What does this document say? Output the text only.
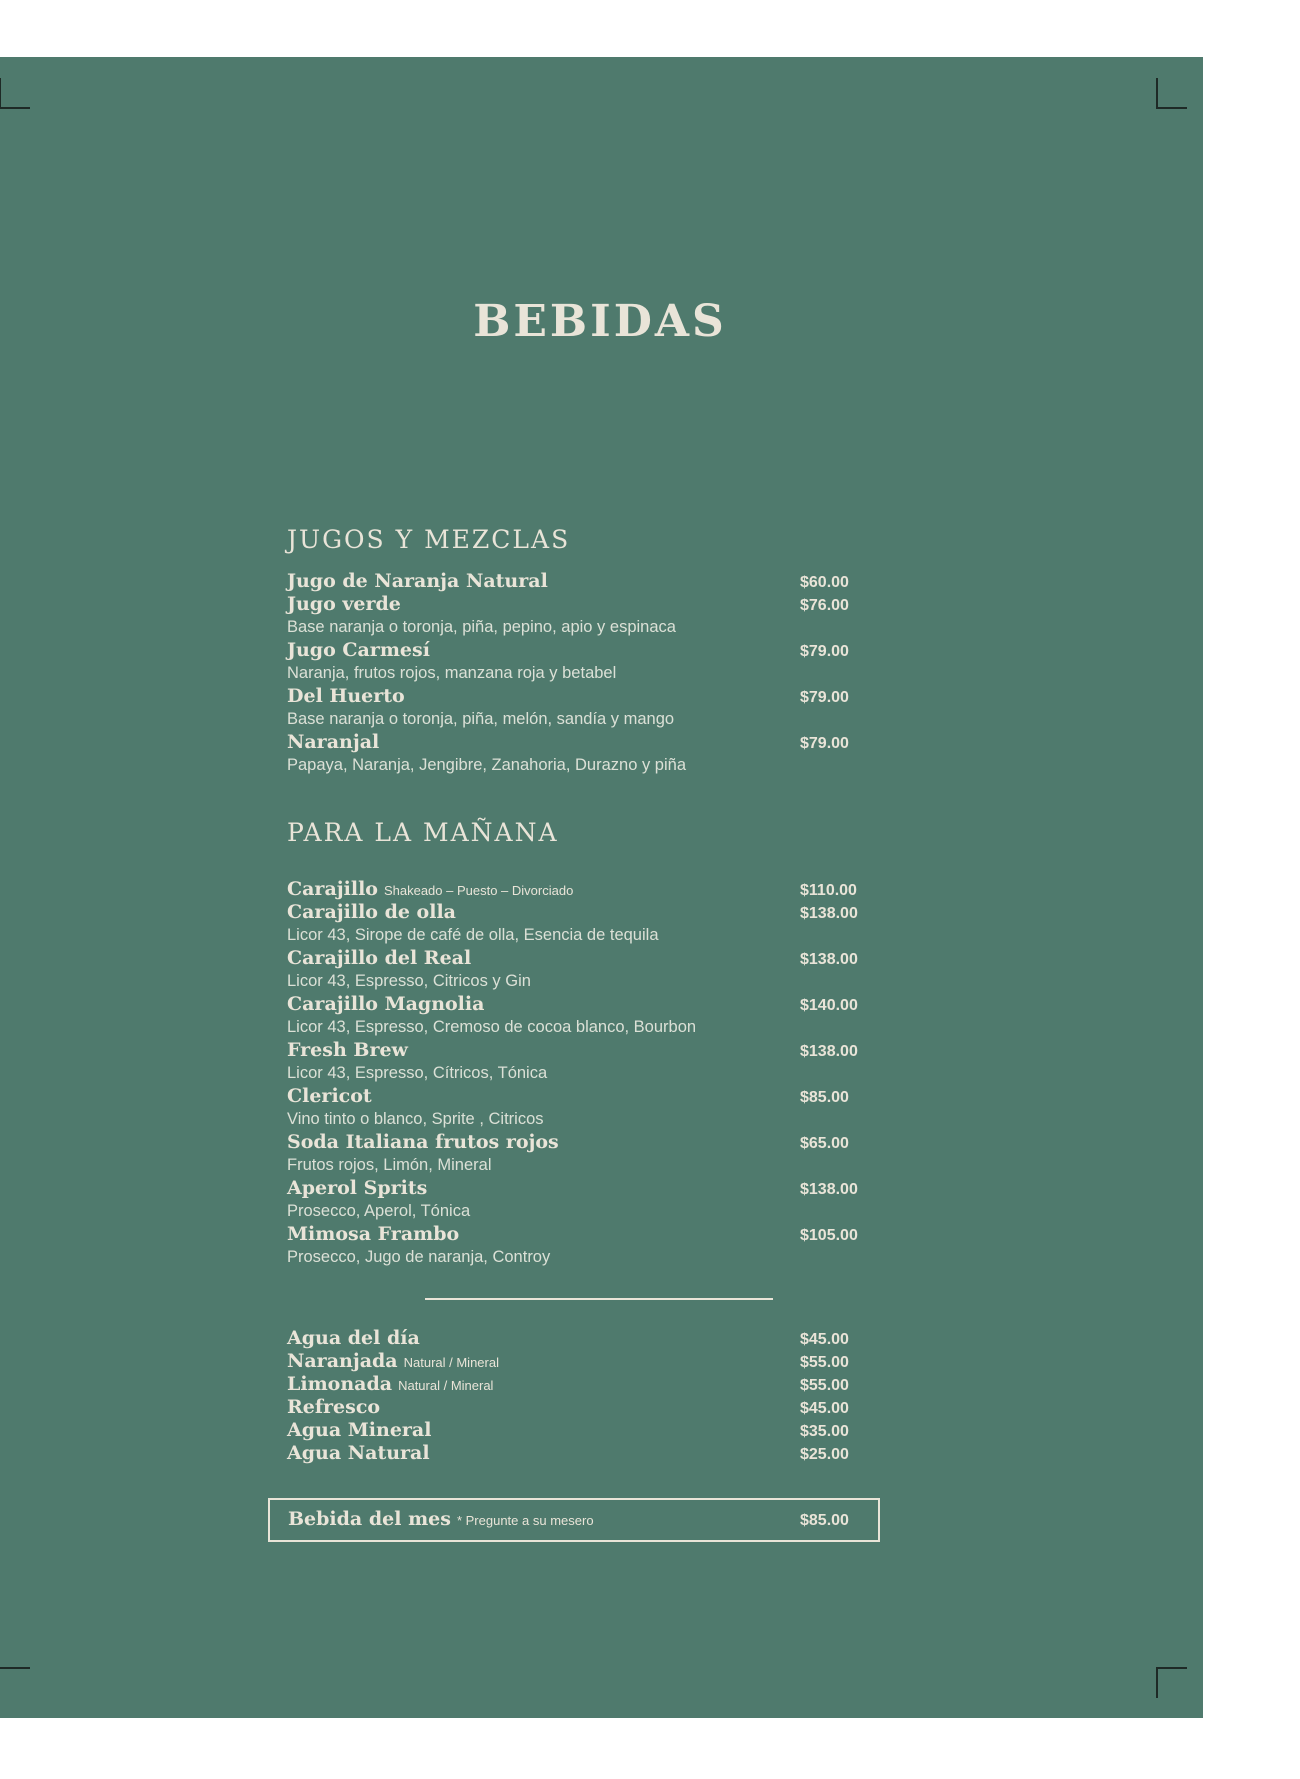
BEBIDAS
JUGOS Y MEZCLAS
Jugo de Naranja Natural	$60.00
Jugo verde	$76.00
Base naranja o toronja, piña, pepino, apio y espinaca
Jugo Carmesí	$79.00
Naranja, frutos rojos, manzana roja y betabel
Del Huerto	$79.00
Base naranja o toronja, piña, melón, sandía y mango
Naranjal	$79.00
Papaya, Naranja, Jengibre, Zanahoria, Durazno y piña
PARA LA MAÑANA
Carajillo Shakeado – Puesto – Divorciado	$110.00
Carajillo de olla	$138.00
Licor 43, Sirope de café de olla, Esencia de tequila
Carajillo del Real	$138.00
Licor 43, Espresso, Citricos y Gin
Carajillo Magnolia	$140.00
Licor 43, Espresso, Cremoso de cocoa blanco, Bourbon
Fresh Brew	$138.00
Licor 43, Espresso, Cítricos, Tónica
Clericot	$85.00
Vino tinto o blanco, Sprite , Citricos
Soda Italiana frutos rojos	$65.00
Frutos rojos, Limón, Mineral
Aperol Sprits	$138.00
Prosecco, Aperol, Tónica
Mimosa Frambo	$105.00
Prosecco, Jugo de naranja, Controy
Agua del día	$45.00
Naranjada Natural / Mineral	$55.00
Limonada Natural / Mineral	$55.00
Refresco	$45.00
Agua Mineral	$35.00
Agua Natural	$25.00
Bebida del mes * Pregunte a su mesero	$85.00
